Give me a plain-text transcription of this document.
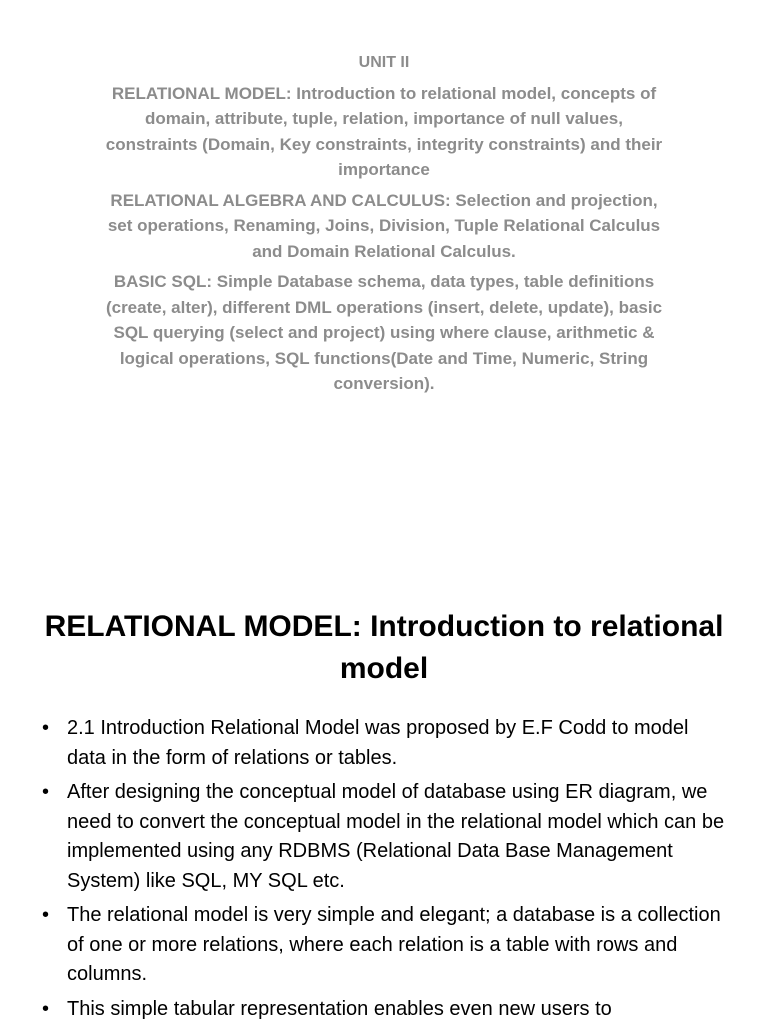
UNIT II

RELATIONAL MODEL: Introduction to relational model, concepts of domain, attribute, tuple, relation, importance of null values, constraints (Domain, Key constraints, integrity constraints) and their importance

RELATIONAL ALGEBRA AND CALCULUS: Selection and projection, set operations, Renaming, Joins, Division, Tuple Relational Calculus and Domain Relational Calculus.

BASIC SQL: Simple Database schema, data types, table definitions (create, alter), different DML operations (insert, delete, update), basic SQL querying (select and project) using where clause, arithmetic & logical operations, SQL functions(Date and Time, Numeric, String conversion).

RELATIONAL MODEL: Introduction to relational model
• 2.1 Introduction Relational Model was proposed by E.F Codd to model data in the form of relations or tables.
• After designing the conceptual model of database using ER diagram, we need to convert the conceptual model in the relational model which can be implemented using any RDBMS (Relational Data Base Management System) like SQL, MY SQL etc.
• The relational model is very simple and elegant; a database is a collection of one or more relations, where each relation is a table with rows and columns.
• This simple tabular representation enables even new users to
